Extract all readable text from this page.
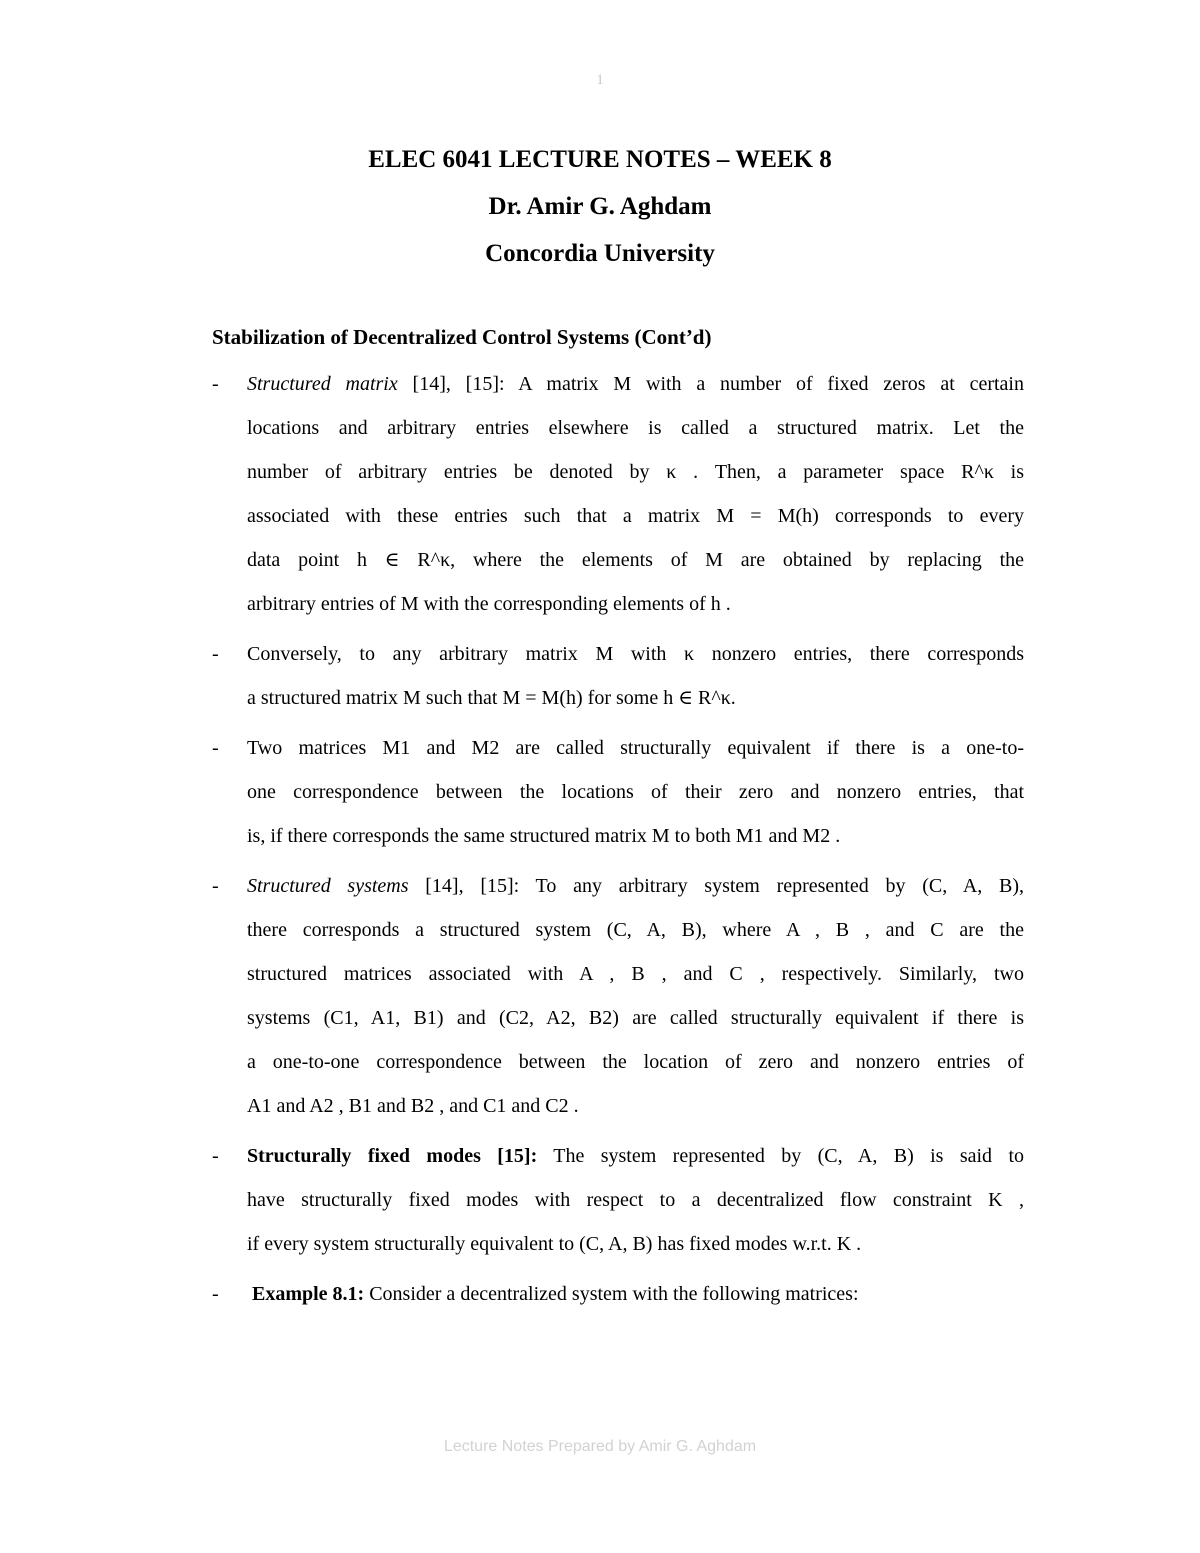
1
ELEC 6041 LECTURE NOTES – WEEK 8
Dr. Amir G. Aghdam
Concordia University
Stabilization of Decentralized Control Systems (Cont’d)
- Structured matrix [14], [15]: A matrix M with a number of fixed zeros at certain
locations and arbitrary entries elsewhere is called a structured matrix. Let the
number of arbitrary entries be denoted by κ . Then, a parameter space R^κ is
associated with these entries such that a matrix M = M(h) corresponds to every
data point h ∈ R^κ, where the elements of M are obtained by replacing the
arbitrary entries of M with the corresponding elements of h .
- Conversely, to any arbitrary matrix M with κ nonzero entries, there corresponds
a structured matrix M such that M = M(h) for some h ∈ R^κ.
- Two matrices M1 and M2 are called structurally equivalent if there is a one-to-
one correspondence between the locations of their zero and nonzero entries, that
is, if there corresponds the same structured matrix M to both M1 and M2 .
- Structured systems [14], [15]: To any arbitrary system represented by (C, A, B),
there corresponds a structured system (C, A, B), where A , B , and C are the
structured matrices associated with A , B , and C , respectively. Similarly, two
systems (C1, A1, B1) and (C2, A2, B2) are called structurally equivalent if there is
a one-to-one correspondence between the location of zero and nonzero entries of
A1 and A2 , B1 and B2 , and C1 and C2 .
- Structurally fixed modes [15]: The system represented by (C, A, B) is said to
have structurally fixed modes with respect to a decentralized flow constraint K ,
if every system structurally equivalent to (C, A, B) has fixed modes w.r.t. K .
- Example 8.1: Consider a decentralized system with the following matrices:
Lecture Notes Prepared by Amir G. Aghdam
